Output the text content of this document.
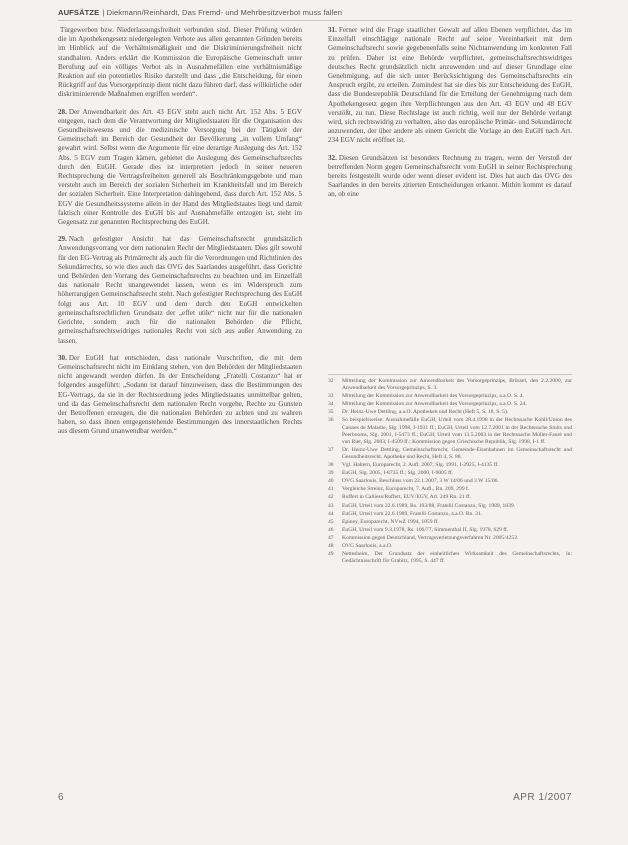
AUFSÄTZE | Diekmann/Reinhardt, Das Fremd- und Mehrbesitzverbot muss fallen

Türgewerben bzw. Niederlassungsfreiheit verbunden sind. Dieser Prüfung würden die im Apothekengesetz niedergelegten Verbote aus allen genannten Gründen bereits im Hinblick auf die Verhältnismäßigkeit und die Diskriminierungsfreiheit nicht standhalten. Anders erklärt die Kommission die Europäische Gemeinschaft unter Berufung auf ein völliges Verbot als in Ausnahmefällen eine verhältnismäßige Reaktion auf ein potentielles Risiko darstellt und dass „die Entscheidung, für einen Rückgriff auf das Vorsorgeprinzip dient nicht dazu führen darf, dass willkürliche oder diskriminierende Maßnahmen ergriffen werden“.

28. Der Anwendbarkeit des Art. 43 EGV steht auch nicht Art. 152 Abs. 5 EGV entgegen, nach dem die Verantwortung der Mitgliedstaaten für die Organisation des Gesundheitswesens und die medizinische Versorgung bei der Tätigkeit der Gemeinschaft im Bereich der Gesundheit der Bevölkerung „in vollem Umfang“ gewahrt wird. Selbst wenn die Argumente für eine derartige Auslegung des Art. 152 Abs. 5 EGV zum Tragen kämen, gebietet die Auslegung des Gemeinschaftsrechts durch den EuGH. Gerade dies ist interpretiert jedoch in seiner neueren Rechtsprechung die Vertragsfreiheiten generell als Beschränkungsgebote und man versteht auch im Bereich der sozialen Sicherheit im Krankheitsfall und im Bereich der sozialen Sicherheit. Eine Interpretation dahingehend, dass durch Art. 152 Abs. 5 EGV die Gesundheitssysteme allein in der Hand des Mitgliedstaates liegt und damit faktisch einer Kontrolle des EuGH bis auf Ausnahmefälle entzogen ist, steht im Gegensatz zur genannten Rechtsprechung des EuGH.

29. Nach gefestigter Ansicht hat das Gemeinschaftsrecht grundsätzlich Anwendungsvorrang vor dem nationalen Recht der Mitgliedstaaten. Dies gilt sowohl für den EG-Vertrag als Primärrecht als auch für die Verordnungen und Richtlinien des Sekundärrechts, so wie dies auch das OVG des Saarlandes ausgeführt, dass Gerichte und Behörden den Vorrang des Gemeinschaftsrechts zu beachten und im Einzelfall das nationale Recht unangewendet lassen, wenn es im Widerspruch zum höherrangigen Gemeinschaftsrecht steht. Nach gefestigter Rechtsprechung des EuGH folgt aus Art. 10 EGV und dem durch den EuGH entwickelten gemeinschaftsrechtlichen Grundsatz der „effet utile“ nicht nur für die nationalen Gerichte, sondern auch für die nationalen Behörden die Pflicht, gemeinschaftsrechtswidriges nationales Recht von sich aus außer Anwendung zu lassen.

30. Der EuGH hat entschieden, dass nationale Vorschriften, die mit dem Gemeinschaftsrecht nicht im Einklang stehen, von den Behörden der Mitgliedstaaten nicht angewandt werden dürfen. In der Entscheidung „Fratelli Costanzo“ hat er folgendes ausgeführt: „Sodann ist darauf hinzuweisen, dass die Bestimmungen des EG-Vertrags, da sie in der Rechtsordnung jedes Mitgliedstaates unmittelbar gelten, und da das Gemeinschaftsrecht dem nationalen Recht vorgehe, Rechte zu Gunsten der Betroffenen erzeugen, die die nationalen Behörden zu achten und zu wahren haben, so dass ihnen entgegenstehende Bestimmungen des innerstaatlichen Rechts aus diesem Grund unanwendbar werden.“

31. Ferner wird die Frage staatlicher Gewalt auf allen Ebenen verpflichtet, das im Einzelfall einschlägige nationale Recht auf seine Vereinbarkeit mit dem Gemeinschaftsrecht sowie gegebenenfalls seine Nichtanwendung im konkreten Fall zu prüfen. Daher ist eine Behörde verpflichtet, gemeinschaftsrechtswidriges deutsches Recht grundsätzlich nicht anzuwenden und auf dieser Grundlage eine Genehmigung, auf die sich unter Berücksichtigung des Gemeinschaftsrechts ein Anspruch ergibt, zu erteilen. Zumindest hat sie dies bis zur Entscheidung des EuGH, dass die Bundesrepublik Deutschland für die Erteilung der Genehmigung nach dem Apothekengesetz gegen ihre Verpflichtungen aus den Art. 43 EGV und 48 EGV verstößt, zu tun. Diese Rechtslage ist auch richtig, weil nur der Behörde verlangt wird, sich rechtswidrig zu verhalten, also das europäische Primär- und Sekundärrecht anzuwenden, der über andere als einem Gericht die Vorlage an den EuGH nach Art. 234 EGV nicht eröffnet ist.

32. Diesen Grundsätzen ist besonders Rechnung zu tragen, wenn der Verstoß der betreffenden Norm gegen Gemeinschaftsrecht vom EuGH in seiner Rechtsprechung bereits festgestellt wurde oder wenn dieser evident ist. Dies hat auch das OVG des Saarlandes in den bereits zitierten Entscheidungen erkannt. Mithin kommt es darauf an, ob eine

32	Mitteilung der Kommission zur Anwendbarkeit des Vorsorgeprinzips, Brüssel, den 2.2.2000, zur Anwendbarkeit des Vorsorgeprinzips, S. 3.
33	Mitteilung der Kommission zur Anwendbarkeit des Vorsorgeprinzips, a.a.O. S. 4.
34	Mitteilung der Kommission zur Anwendbarkeit des Vorsorgeprinzips, a.a.O. S. 24.
35	Dr. Heinz-Uwe Dettling, a.a.O. Apotheken und Recht (Heft 5, S. 18, S. 5).
36	So beispielsweise: Ausnahmefälle EuGH, Urteil vom 28.4.1998 in der Rechtssache Kohll/Union des Caisses de Maladie, Slg. 1998, I-1931 ff.; EuGH, Urteil vom 12.7.2001 in der Rechtssache Smits und Peerbooms, Slg. 2001, I-5473 ff.; EuGH, Urteil vom 13.5.2003 in der Rechtssache Müller-Fauré und van Riet, Slg. 2003, I-4509 ff.; Kommission gegen Griechische Republik, Slg. 1998, I-1 ff.
37	Dr. Heinz-Uwe Dettling, Gemeinschaftsrecht, Gemeinde-Eisenbahnen im Gemeinschaftsrecht und Gesundheitsrecht, Apotheke und Recht, Heft 4, S. 88.
38	Vgl. Haltern, Europarecht, 2. Aufl. 2007; Slg. 1991, I-2925, I-4135 ff.
39	EuGH, Slg. 2005, I-8735 ff.; Slg. 2000, I-9005 ff.
40	OVG Saarlouis, Beschluss vom 22.1.2007, 3 W 14/06 und 3 W 15/06.
41	Vergleiche Streinz, Europarecht, 7. Aufl., Rn. 209, 299 f.
42	Ruffert in Calliess/Ruffert, EUV/EGV, Art. 249 Rn. 21 ff.
43	EuGH, Urteil vom 22.6.1989, Rs. 103/88, Fratelli Costanzo, Slg. 1989, 1839.
44	EuGH, Urteil vom 22.6.1989, Fratelli Costanzo, a.a.O. Rn. 31.
45	Epiney, Europarecht, NVwZ 1994, 1059 ff.
46	EuGH, Urteil vom 9.3.1978, Rs. 106/77, Simmenthal II, Slg. 1978, 629 ff.
47	Kommission gegen Deutschland, Vertragsverletzungsverfahren Nr. 2005/4253.
48	OVG Saarlouis, a.a.O.
49	Nettesheim, Der Grundsatz der einheitlichen Wirksamkeit des Gemeinschaftsrechts, in: Gedächtnisschrift für Grabitz, 1995, S. 447 ff.
6	APR 1/2007
